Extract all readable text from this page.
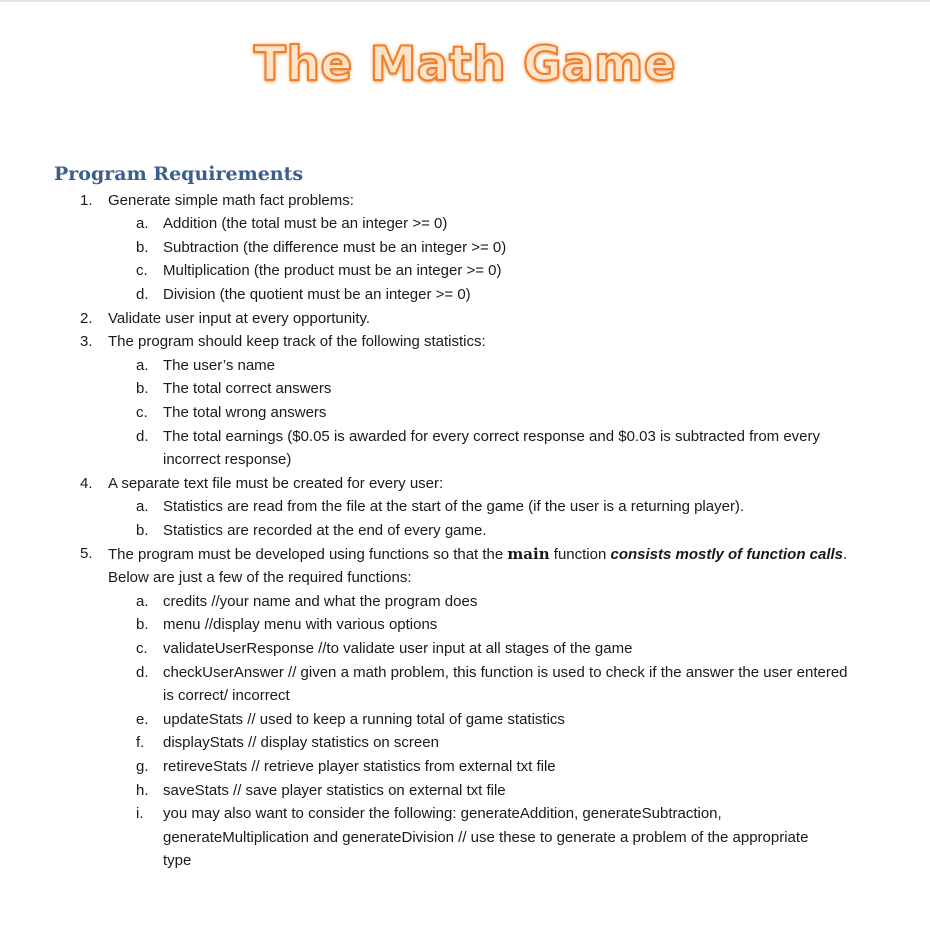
The Math Game
Program Requirements
1. Generate simple math fact problems:
a. Addition (the total must be an integer >= 0)
b. Subtraction (the difference must be an integer >= 0)
c. Multiplication (the product must be an integer >= 0)
d. Division (the quotient must be an integer >= 0)
2. Validate user input at every opportunity.
3. The program should keep track of the following statistics:
a. The user’s name
b. The total correct answers
c. The total wrong answers
d. The total earnings ($0.05 is awarded for every correct response and $0.03 is subtracted from every
incorrect response)
4. A separate text file must be created for every user:
a. Statistics are read from the file at the start of the game (if the user is a returning player).
b. Statistics are recorded at the end of every game.
5. The program must be developed using functions so that the main function consists mostly of function calls.
Below are just a few of the required functions:
a. credits //your name and what the program does
b. menu //display menu with various options
c. validateUserResponse //to validate user input at all stages of the game
d. checkUserAnswer // given a math problem, this function is used to check if the answer the user entered
is correct/ incorrect
e. updateStats // used to keep a running total of game statistics
f. displayStats // display statistics on screen
g. retireveStats // retrieve player statistics from external txt file
h. saveStats // save player statistics on external txt file
i. you may also want to consider the following: generateAddition, generateSubtraction,
generateMultiplication and generateDivision // use these to generate a problem of the appropriate
type
